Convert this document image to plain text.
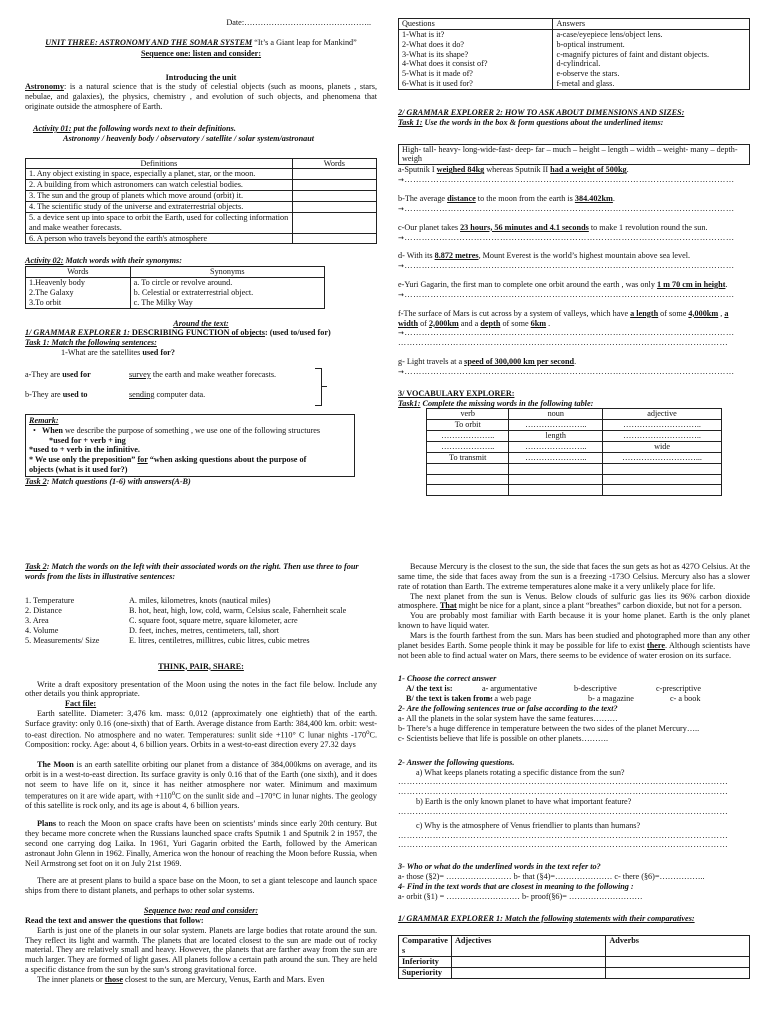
Date:………………………………………..

UNIT THREE: ASTRONOMY AND THE SOMAR SYSTEM “It’s a Giant leap for Mankind”

Sequence one: listen and consider:

Introducing the unit

Astronomy: is a natural science that is the study of celestial objects (such as moons, planets , stars, nebulae, and galaxies), the physics, chemistry , and evolution of such objects, and phenomena that originate outside the atmosphere of Earth.

Activity 01: put the following words next to their definitions.

Astronomy / heavenly body / observatory / satellite / solar system/astronaut

Definitions	Words
1. Any object existing in space, especially a planet, star, or the moon.	
2. A building from which astronomers can watch celestial bodies.	
3. The sun and the group of planets which move around (orbit) it.	
4. The scientific study of the universe and extraterrestrial objects.	
5. a device sent up into space to orbit the Earth, used for collecting information and make weather forecasts.	
6. A person who travels beyond the earth's atmosphere	

Activity 02: Match words with their synonyms:

Words	Synonyms
1.Heavenly body	a. To circle or revolve around.
2.The Galaxy	b. Celestial or extraterrestrial object.
3.To orbit	c. The Milky Way

Around the text:

1/ GRAMMAR EXPLORER 1: DESCRIBING FUNCTION of objects: (used to/used for)

Task 1: Match the following sentences:

1-What are the satellites used for?

a-They are used for	survey the earth and make weather forecasts.

b-They are used to	sending computer data.

Remark:

•   When we describe the purpose of something , we use one of the following structures

*used for + verb + ing

*used to + verb in the infinitive.

* We use only the preposition” for “when asking questions about the purpose of

objects (what is it used for?)

Task 2: Match questions (1-6) with answers(A-B)

Questions	Answers
1-What is it?	a-case/eyepiece lens/object lens.
2-What does it do?	b-optical instrument.
3-What is its shape?	c-magnify pictures of faint and distant objects.
4-What does it consist of?	d-cylindrical.
5-What is it made of?	e-observe the stars.
6-What is it used for?	f-metal and glass.

2/ GRAMMAR EXPLORER 2: HOW TO ASK ABOUT DIMENSIONS AND SIZES:

Task 1: Use the words in the box & form questions about the underlined items:

High- tall- heavy- long-wide-fast- deep- far – much – height – length – width – weight- many – depth- weigh

a-Sputnik I weighed 84kg whereas Sputnik II had a weight of 500kg.

→……………………………………………………………………………………………………

b-The average distance to the moon from the earth is 384.402km.

→……………………………………………………………………………………………………

c-Our planet takes 23 hours, 56 minutes and 4.1 seconds to make 1 revolution round the sun.

→……………………………………………………………………………………………………

d- With its 8.872 metres, Mount Everest is the world’s highest mountain above sea level.

→……………………………………………………………………………………………………

e-Yuri Gagarin, the first man to complete one orbit around the earth , was only 1 m 70 cm in height.

→……………………………………………………………………………………………………

f-The surface of Mars is cut across by a system of valleys, which have a length of some 4,000km , a width of 2,000km and a depth of some 6km .

→……………………………………………………………………………………………………

……………………………………………………………………………………………………

g- Light travels at a speed of 300,000 km per second.

→……………………………………………………………………………………………………

3/ VOCABULARY EXPLORER:

Task1: Complete the missing words in the following table:

verb	noun	adjective
To orbit	…………………..	………………………..
………………..	length	………………………..
………………..	…………………..	wide
To transmit	…………………..	………………………...

Task 2: Match the words on the left with their associated words on the right. Then use three to four words from the lists in illustrative sentences:

1. Temperature	A. miles, kilometres, knots (nautical miles)

2. Distance	B. hot, heat, high, low, cold, warm, Celsius scale, Fahernheit scale

3. Area	C. square foot, square metre, square kilometer, acre

4. Volume	D. feet, inches, metres, centimeters, tall, short

5. Measurements/ Size	E. litres, centiletres, millitres, cubic litres, cubic metres

THINK, PAIR, SHARE:

Write a draft expository presentation of the Moon using the notes in the fact file below. Include any other details you think appropriate.

Fact file:

Earth satellite. Diameter: 3,476 km. mass: 0,012 (approximately one eightieth) that of the earth. Surface gravity: only 0.16 (one-sixth) that of Earth. Average distance from Earth: 384,400 km. orbit: west-to-east direction. No atmosphere and no water. Temperatures: sunlit side +110° C lunar nights -170$^o$C. Composition: rocky. Age: about 4, 6 billion years. Orbits in a west-to-east direction every 27.32 days

The Moon is an earth satellite orbiting our planet from a distance of 384,000kms on average, and its orbit is in a west-to-east direction. Its surface gravity is only 0.16 that of the Earth (one sixth), and it does not seem to have life on it, since it has neither atmosphere nor water. Minimum and maximum temperatures on it are wide apart, with $+110^oC$ on the sunlit side and –170°C in lunar nights. The geology of this satellite is rock only, and its age is about 4, 6 billion years.

Plans to reach the Moon on space crafts have been on scientists’ minds since early 20th century. But they became more concrete when the Russians launched space crafts Sputnik 1 and Sputnik 2 in 1957, the second one carrying dog Laika. In 1961, Yuri Gagarin orbited the Earth, followed by the American astronaut John Glenn in 1962. Finally, America won the honour of reaching the Moon before Russia, when Neil Armstrong set foot on it on July 21st 1969.

There are at present plans to build a space base on the Moon, to set a giant telescope and launch space ships from there to distant planets, and perhaps to other solar systems.

Sequence two: read and consider:

Read the text and answer the questions that follow:

Earth is just one of the planets in our solar system. Planets are large bodies that rotate around the sun. They reflect its light and warmth. The planets that are located closest to the sun are made out of rocky material. They are relatively small and heavy. However, the planets that are farther away from the sun are much larger. They are formed of light gases. All planets follow a certain path around the sun. They are held a specific distance from the sun by the sun’s strong gravitational force.

The inner planets or those closest to the sun, are Mercury, Venus, Earth and Mars. Even

Because Mercury is the closest to the sun, the side that faces the sun gets as hot as 427O Celsius. At the same time, the side that faces away from the sun is a freezing -173O Celsius. Mercury also has a slower rate of rotation than Earth. The extreme temperatures alone make it a very unlikely place for life.

The next planet from the sun is Venus. Below clouds of sulfuric gas lies its 96% carbon dioxide atmosphere. That might be nice for a plant, since a plant “breathes” carbon dioxide, but not for a person.

You are probably most familiar with Earth because it is your home planet. Earth is the only planet known to have liquid water.

Mars is the fourth farthest from the sun. Mars has been studied and photographed more than any other planet besides Earth. Some people think it may be possible for life to exist there. Although scientists have not been able to find actual water on Mars, there seems to be evidence of water erosion on its surface.

1- Choose the correct answer

A/ the text is:	a- argumentative	b-descriptive	c-prescriptive

B/ the text is taken from:

a- a web page	b- a magazine	c- a book

2- Are the following sentences true or false according to the text?

a- All the planets in the solar system have the same features………

b- There’s a huge difference in temperature between the two sides of the planet Mercury…..

c- Scientists believe that life is possible on other planets……….

2- Answer the following questions.

a) What keeps planets rotating a specific distance from the sun?

……………………………………………………………………………………………………

……………………………………………………………………………………………………

b) Earth is the only known planet to have what important feature?

……………………………………………………………………………………………………

c) Why is the atmosphere of Venus friendlier to plants than humans?

……………………………………………………………………………………………………

……………………………………………………………………………………………………

3- Who or what do the underlined words in the text refer to?

a- those (§2)= …………………… b- that (§4)=………………… c- there (§6)=……………..

4- Find in the text words that are closest in meaning to the following :

a- orbit (§1) = ……………………… b- proof(§6)= ………………………

1/ GRAMMAR EXPLORER 1: Match the following statements with their comparatives:

Comparative s	Adjectives	Adverbs
Inferiority		
Superiority		
